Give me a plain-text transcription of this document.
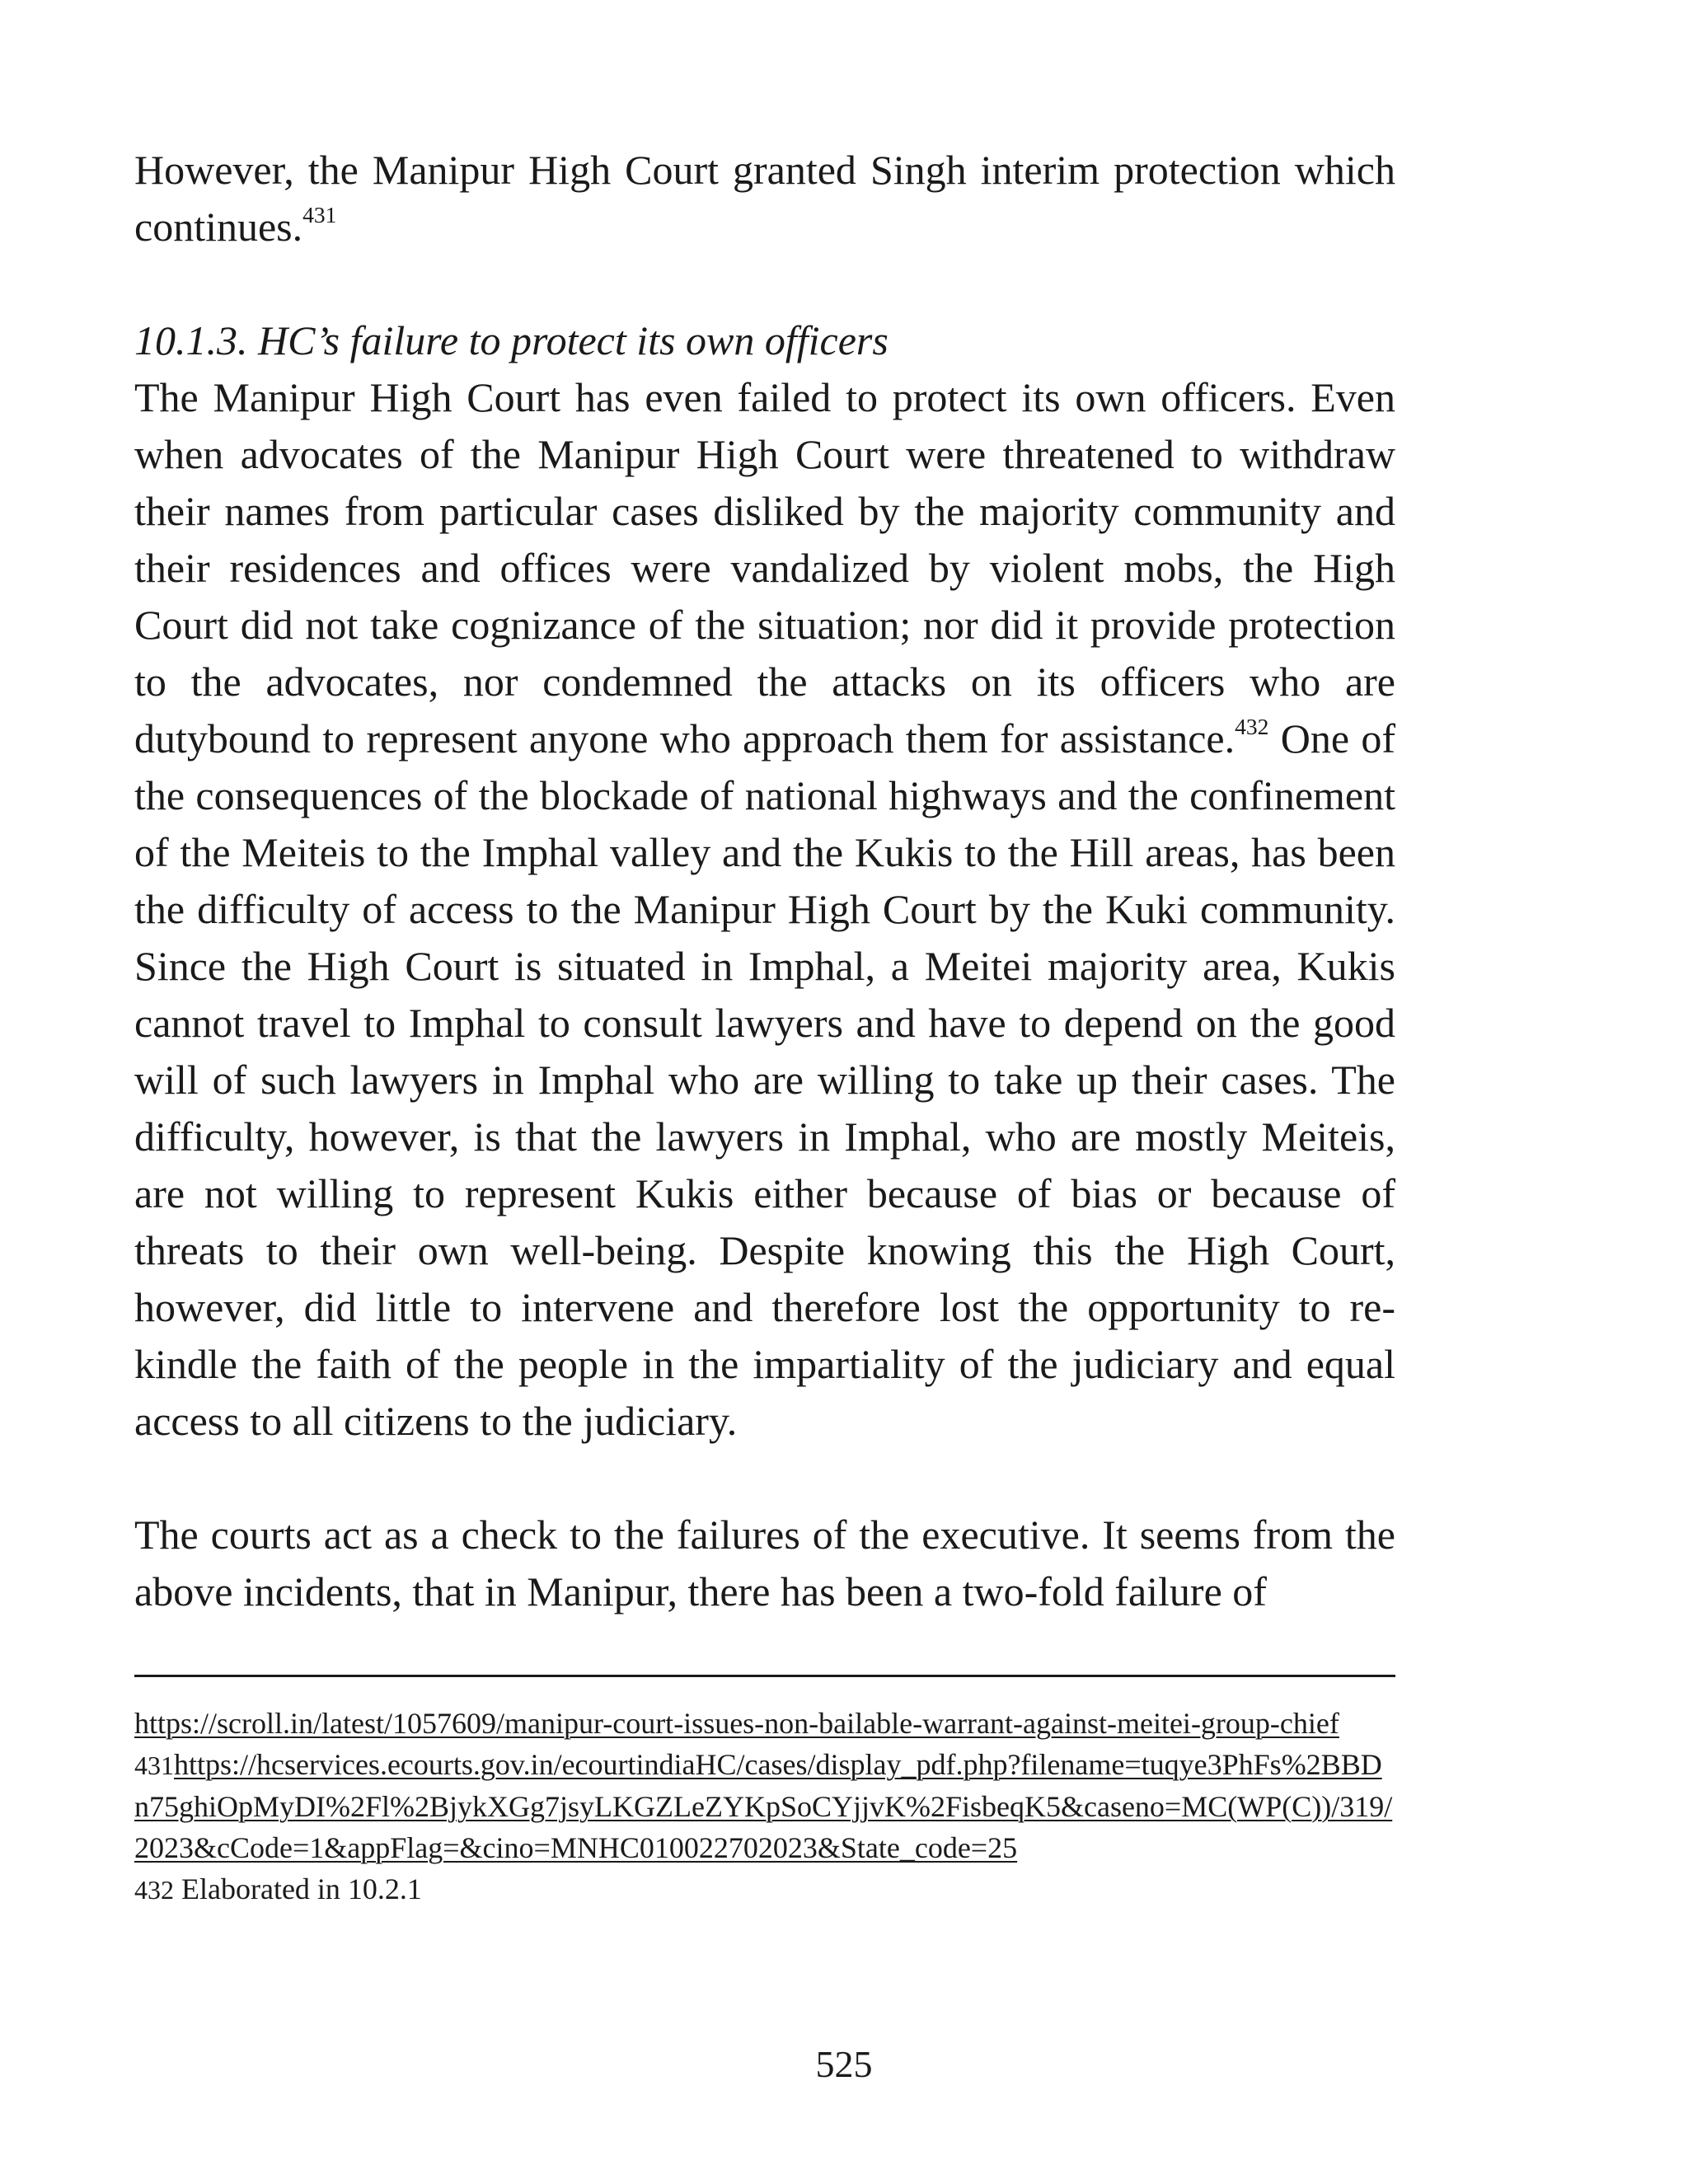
However, the Manipur High Court granted Singh interim protection which continues.$^{431}$

10.1.3. HC’s failure to protect its own officers

The Manipur High Court has even failed to protect its own officers. Even when advocates of the Manipur High Court were threatened to withdraw their names from particular cases disliked by the majority community and their residences and offices were vandalized by violent mobs, the High Court did not take cognizance of the situation; nor did it provide protection to the advocates, nor condemned the attacks on its officers who are dutybound to represent anyone who approach them for assistance.$^{432}$ One of the consequences of the blockade of national highways and the confinement of the Meiteis to the Imphal valley and the Kukis to the Hill areas, has been the difficulty of access to the Manipur High Court by the Kuki community. Since the High Court is situated in Imphal, a Meitei majority area, Kukis cannot travel to Imphal to consult lawyers and have to depend on the good will of such lawyers in Imphal who are willing to take up their cases. The difficulty, however, is that the lawyers in Imphal, who are mostly Meiteis, are not willing to represent Kukis either because of bias or because of threats to their own well-being. Despite knowing this the High Court, however, did little to intervene and therefore lost the opportunity to re-kindle the faith of the people in the impartiality of the judiciary and equal access to all citizens to the judiciary.

The courts act as a check to the failures of the executive. It seems from the above incidents, that in Manipur, there has been a two-fold failure of

https://scroll.in/latest/1057609/manipur-court-issues-non-bailable-warrant-against-meitei-group-chief

431https://hcservices.ecourts.gov.in/ecourtindiaHC/cases/display_pdf.php?filename=tuqye3PhFs%2BBDn75ghiOpMyDI%2Fl%2BjykXGg7jsyLKGZLeZYKpSoCYjjvK%2FisbeqK5&caseno=MC(WP(C))/319/2023&cCode=1&appFlag=&cino=MNHC010022702023&State_code=25

432 Elaborated in 10.2.1

525
